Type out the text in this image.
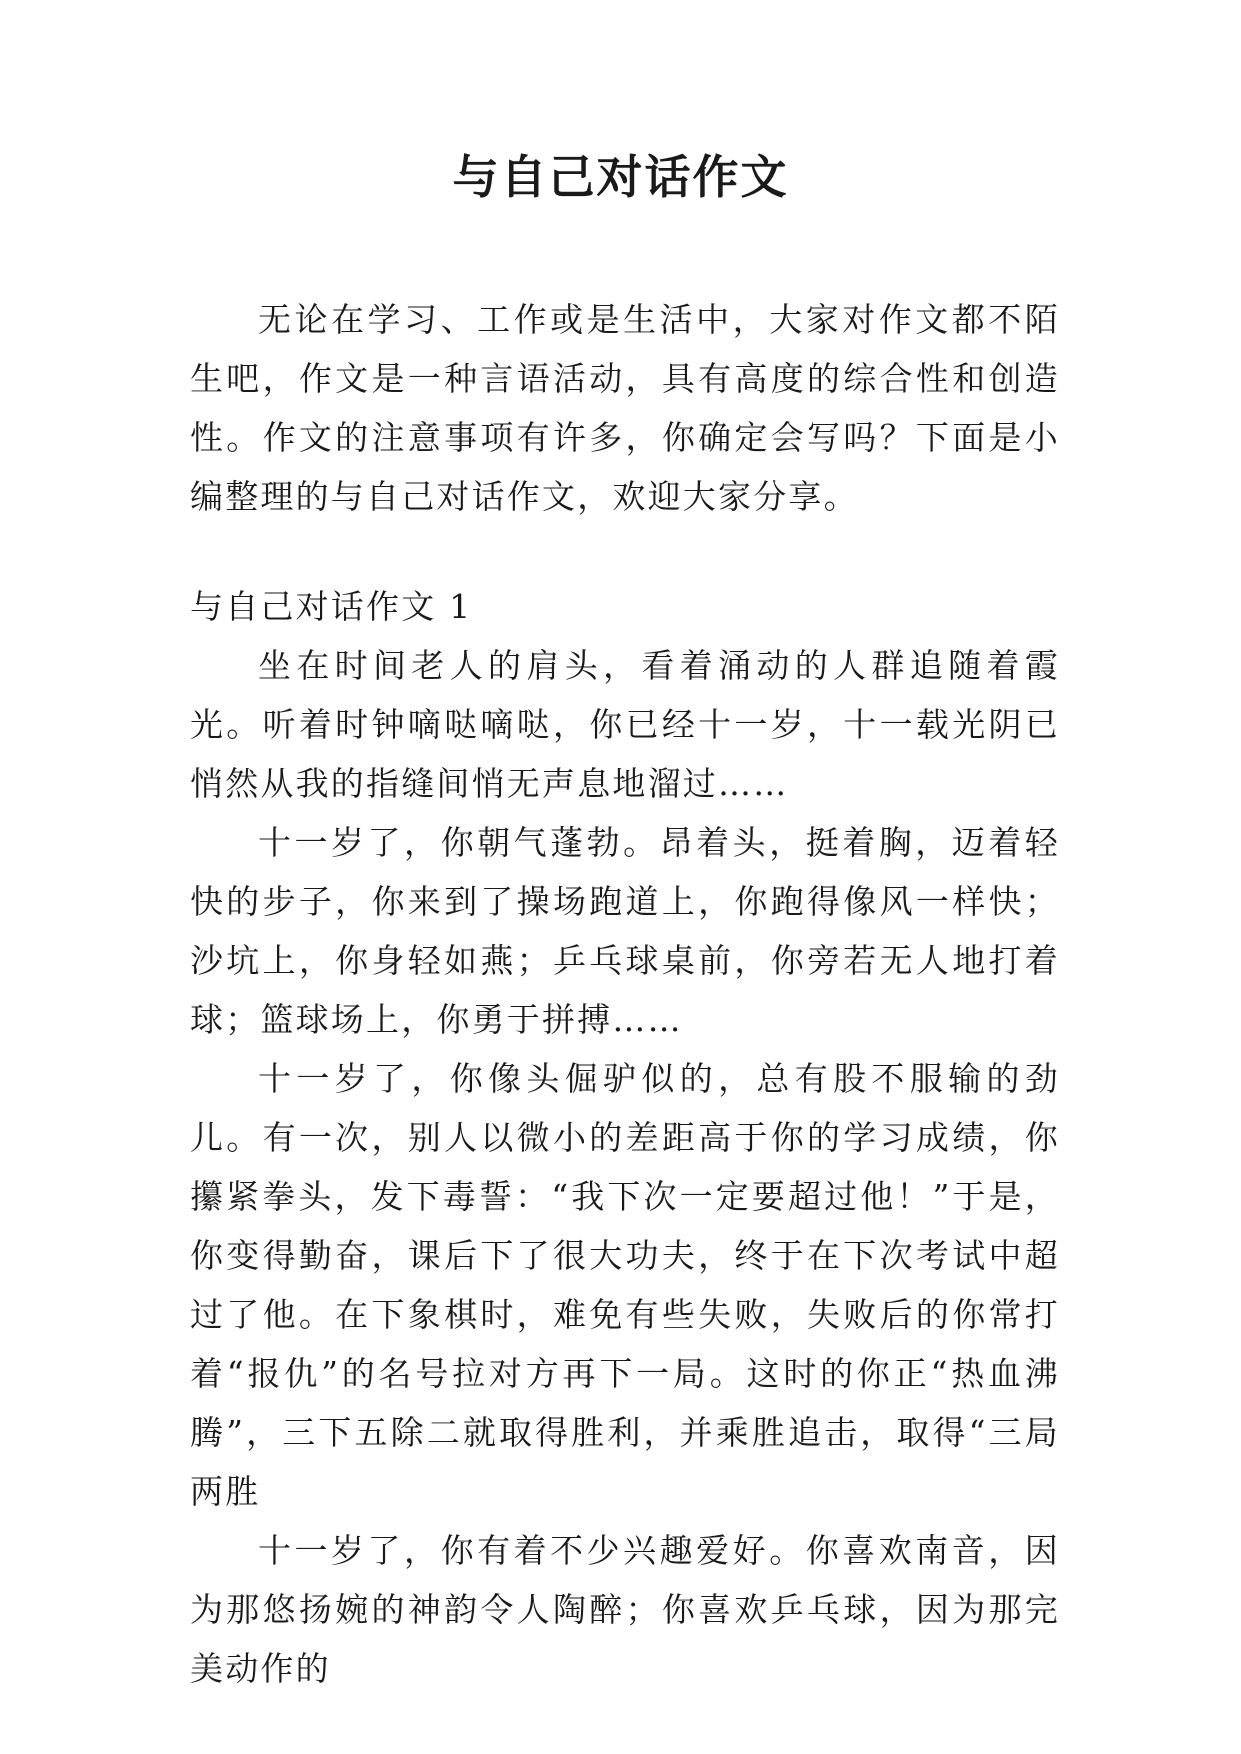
与自己对话作文

无论在学习、工作或是生活中，大家对作文都不陌生吧，作文是一种言语活动，具有高度的综合性和创造性。作文的注意事项有许多，你确定会写吗？下面是小编整理的与自己对话作文，欢迎大家分享。

与自己对话作文 1

坐在时间老人的肩头，看着涌动的人群追随着霞光。听着时钟嘀哒嘀哒，你已经十一岁，十一载光阴已悄然从我的指缝间悄无声息地溜过……

十一岁了，你朝气蓬勃。昂着头，挺着胸，迈着轻快的步子，你来到了操场跑道上，你跑得像风一样快；沙坑上，你身轻如燕；乒乓球桌前，你旁若无人地打着球；篮球场上，你勇于拼搏……

十一岁了，你像头倔驴似的，总有股不服输的劲儿。有一次，别人以微小的差距高于你的学习成绩，你攥紧拳头，发下毒誓：“我下次一定要超过他！”于是，你变得勤奋，课后下了很大功夫，终于在下次考试中超过了他。在下象棋时，难免有些失败，失败后的你常打着“报仇”的名号拉对方再下一局。这时的你正“热血沸腾”，三下五除二就取得胜利，并乘胜追击，取得“三局两胜

十一岁了，你有着不少兴趣爱好。你喜欢南音，因为那悠扬婉的神韵令人陶醉；你喜欢乒乓球，因为那完美动作的
